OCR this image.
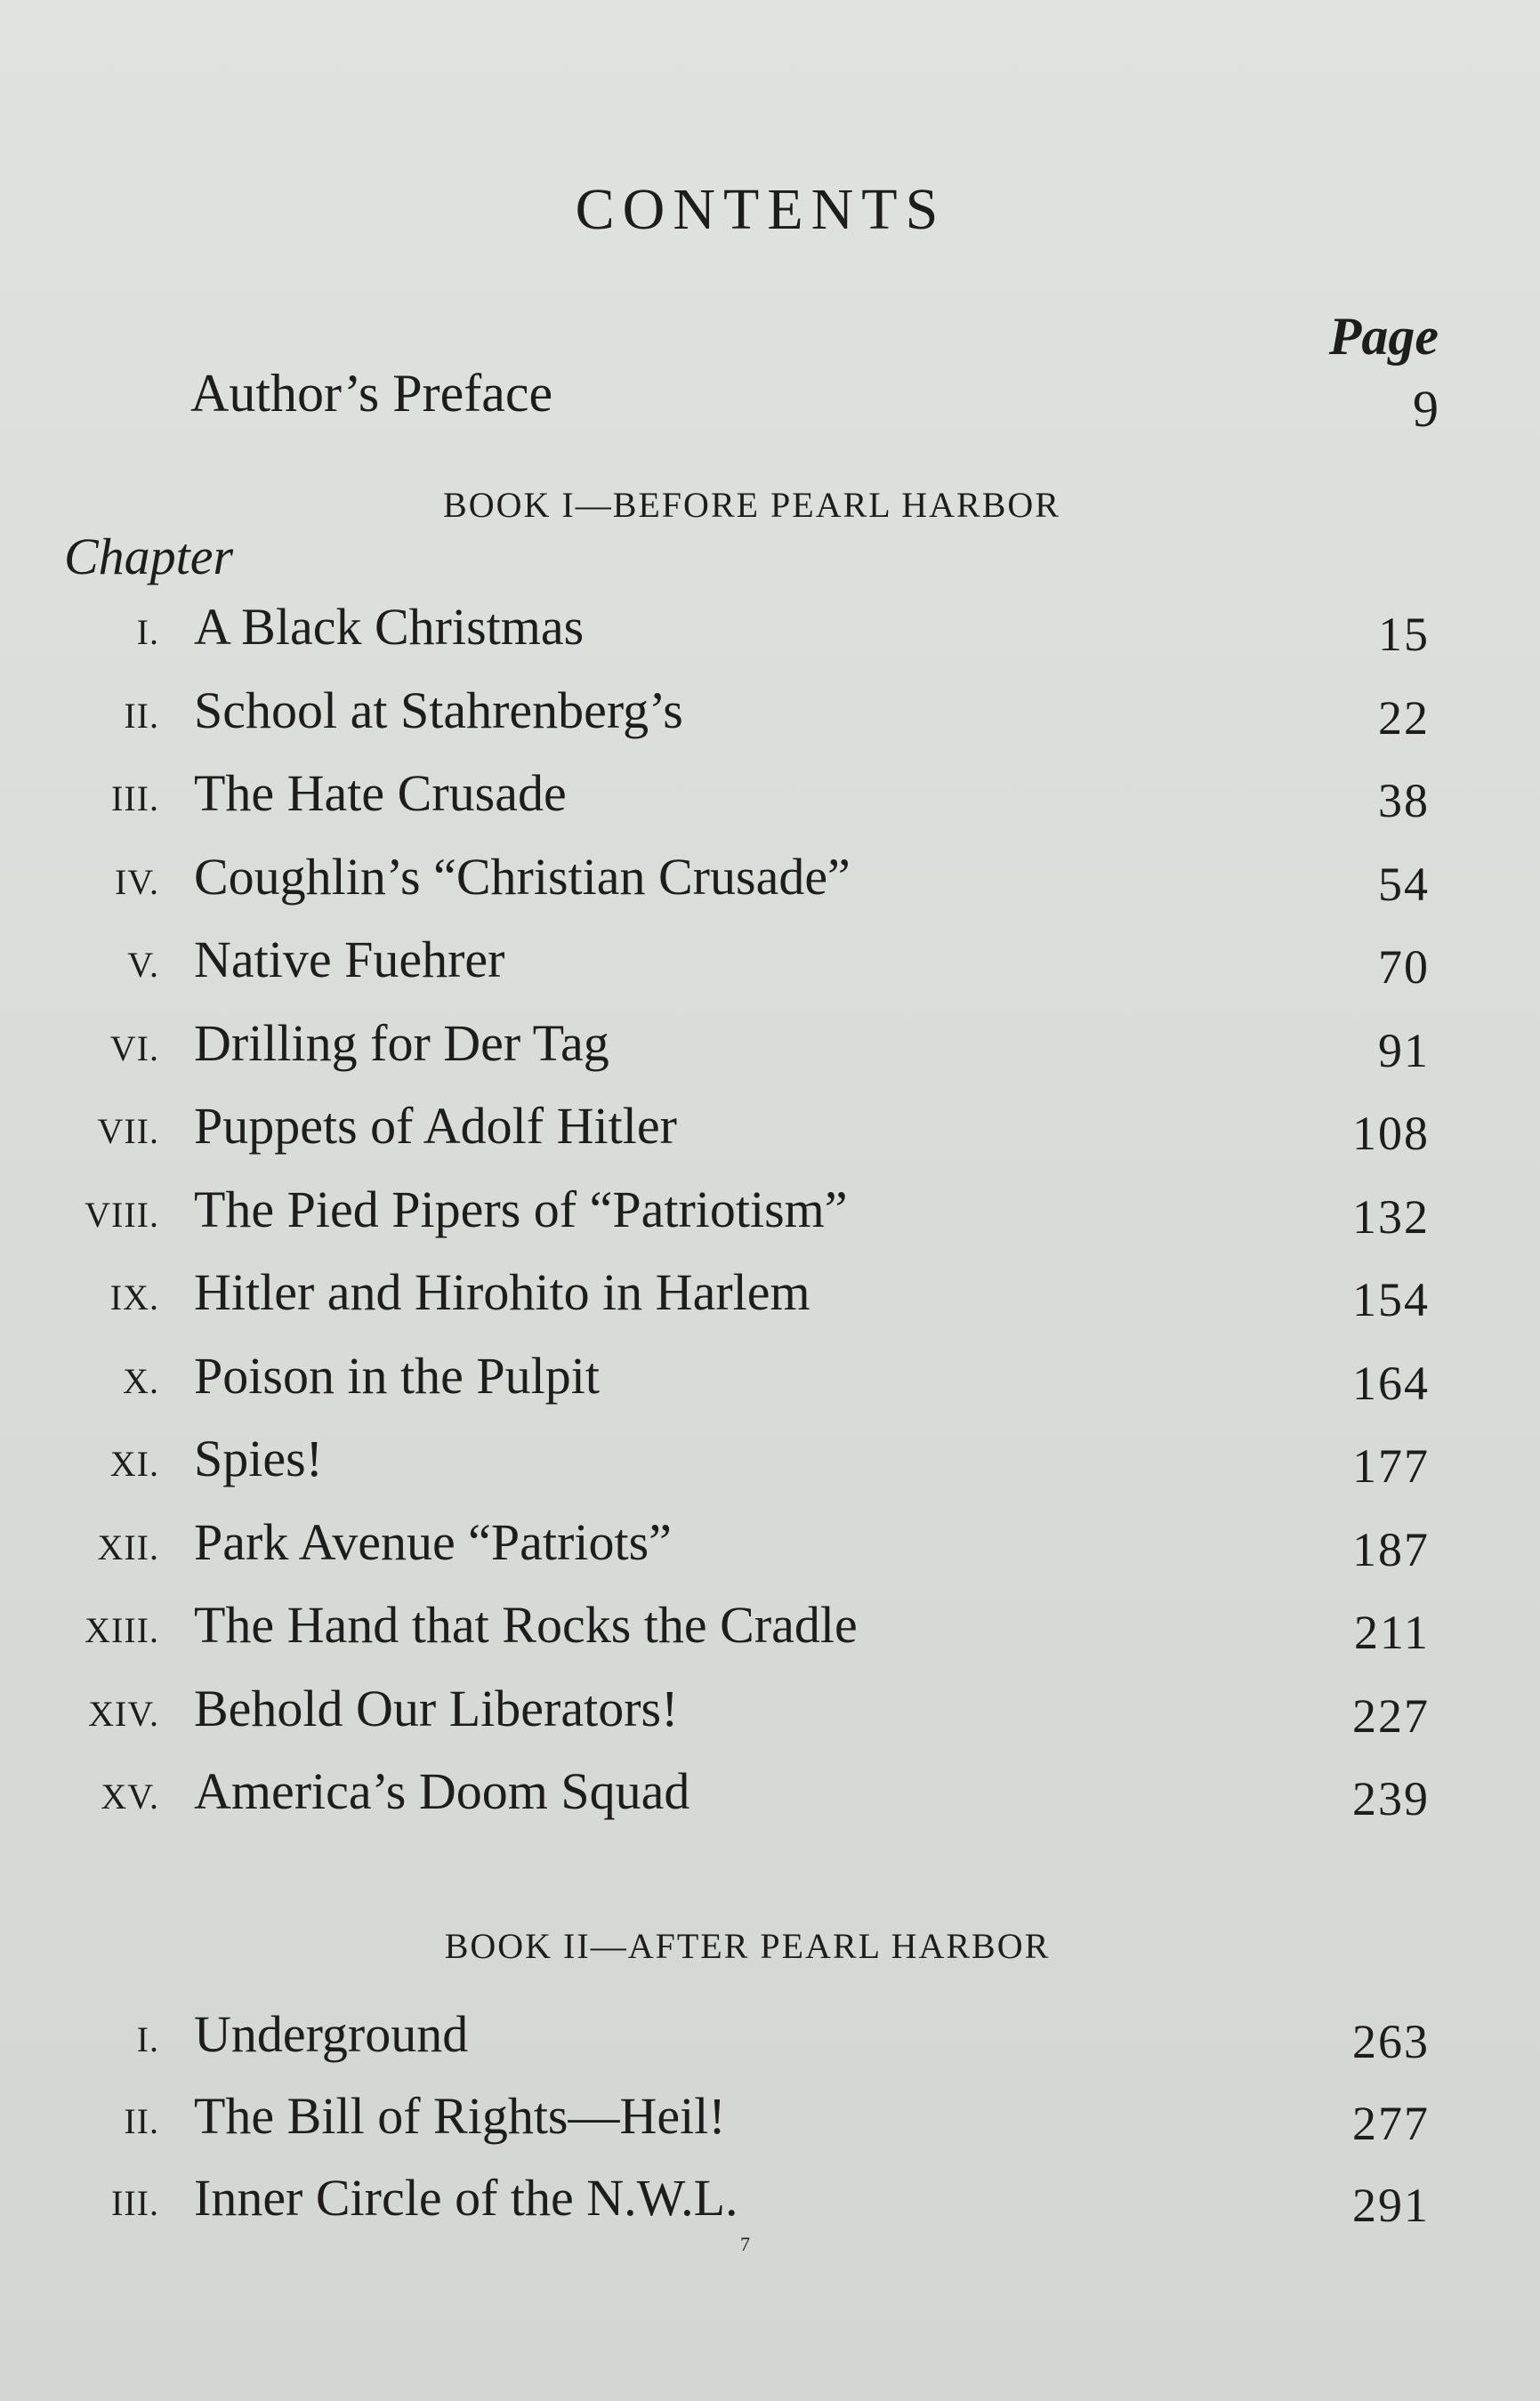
CONTENTS
Page
Author’s Preface	9
BOOK I—BEFORE PEARL HARBOR
Chapter
I. A Black Christmas	15
II. School at Stahrenberg’s	22
III. The Hate Crusade	38
IV. Coughlin’s “Christian Crusade”	54
V. Native Fuehrer	70
VI. Drilling for Der Tag	91
VII. Puppets of Adolf Hitler	108
VIII. The Pied Pipers of “Patriotism”	132
IX. Hitler and Hirohito in Harlem	154
X. Poison in the Pulpit	164
XI. Spies!	177
XII. Park Avenue “Patriots”	187
XIII. The Hand that Rocks the Cradle	211
XIV. Behold Our Liberators!	227
XV. America’s Doom Squad	239
BOOK II—AFTER PEARL HARBOR
I. Underground	263
II. The Bill of Rights—Heil!	277
III. Inner Circle of the N.W.L.	291
7
